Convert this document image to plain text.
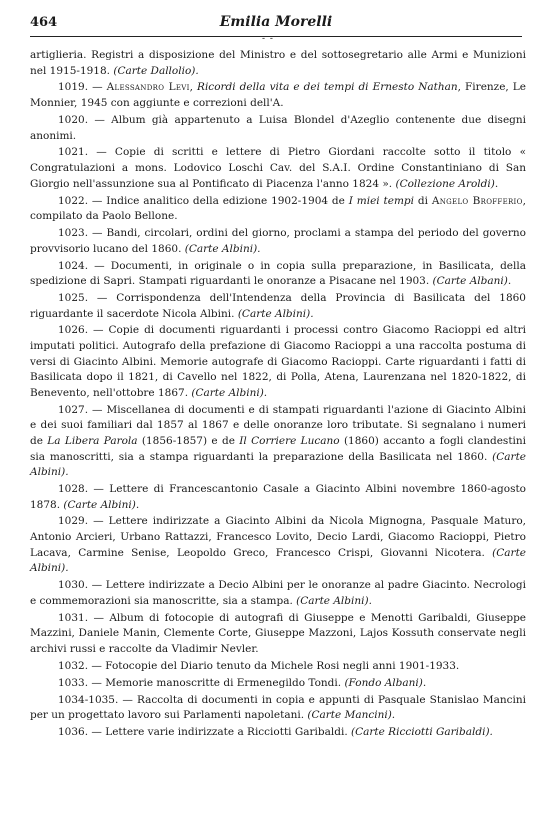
464	Emilia Morelli
- -

artiglieria. Registri a disposizione del Ministro e del sottosegretario alle Armi e Munizioni nel 1915-1918. (Carte Dallolio).

1019. — Alessandro Levi, Ricordi della vita e dei tempi di Ernesto Nathan, Firenze, Le Monnier, 1945 con aggiunte e correzioni dell'A.

1020. — Album già appartenuto a Luisa Blondel d'Azeglio contenente due disegni anonimi.

1021. — Copie di scritti e lettere di Pietro Giordani raccolte sotto il titolo « Congratulazioni a mons. Lodovico Loschi Cav. del S.A.I. Ordine Constantiniano di San Giorgio nell'assunzione sua al Pontificato di Piacenza l'anno 1824 ». (Collezione Aroldi).

1022. — Indice analitico della edizione 1902-1904 de I miei tempi di Angelo Brofferio, compilato da Paolo Bellone.

1023. — Bandi, circolari, ordini del giorno, proclami a stampa del periodo del governo provvisorio lucano del 1860. (Carte Albini).

1024. — Documenti, in originale o in copia sulla preparazione, in Basilicata, della spedizione di Sapri. Stampati riguardanti le onoranze a Pisacane nel 1903. (Carte Albani).

1025. — Corrispondenza dell'Intendenza della Provincia di Basilicata del 1860 riguardante il sacerdote Nicola Albini. (Carte Albini).

1026. — Copie di documenti riguardanti i processi contro Giacomo Racioppi ed altri imputati politici. Autografo della prefazione di Giacomo Racioppi a una raccolta postuma di versi di Giacinto Albini. Memorie autografe di Giacomo Racioppi. Carte riguardanti i fatti di Basilicata dopo il 1821, di Cavello nel 1822, di Polla, Atena, Laurenzana nel 1820-1822, di Benevento, nell'ottobre 1867. (Carte Albini).

1027. — Miscellanea di documenti e di stampati riguardanti l'azione di Giacinto Albini e dei suoi familiari dal 1857 al 1867 e delle onoranze loro tributate. Si segnalano i numeri de La Libera Parola (1856-1857) e de Il Corriere Lucano (1860) accanto a fogli clandestini sia manoscritti, sia a stampa riguardanti la preparazione della Basilicata nel 1860. (Carte Albini).

1028. — Lettere di Francescantonio Casale a Giacinto Albini novembre 1860-agosto 1878. (Carte Albini).

1029. — Lettere indirizzate a Giacinto Albini da Nicola Mignogna, Pasquale Maturo, Antonio Arcieri, Urbano Rattazzi, Francesco Lovito, Decio Lardi, Giacomo Racioppi, Pietro Lacava, Carmine Senise, Leopoldo Greco, Francesco Crispi, Giovanni Nicotera. (Carte Albini).

1030. — Lettere indirizzate a Decio Albini per le onoranze al padre Giacinto. Necrologi e commemorazioni sia manoscritte, sia a stampa. (Carte Albini).

1031. — Album di fotocopie di autografi di Giuseppe e Menotti Garibaldi, Giuseppe Mazzini, Daniele Manin, Clemente Corte, Giuseppe Mazzoni, Lajos Kossuth conservate negli archivi russi e raccolte da Vladimir Nevler.

1032. — Fotocopie del Diario tenuto da Michele Rosi negli anni 1901-1933.

1033. — Memorie manoscritte di Ermenegildo Tondi. (Fondo Albani).

1034-1035. — Raccolta di documenti in copia e appunti di Pasquale Stanislao Mancini per un progettato lavoro sui Parlamenti napoletani. (Carte Mancini).

1036. — Lettere varie indirizzate a Ricciotti Garibaldi. (Carte Ricciotti Garibaldi).
